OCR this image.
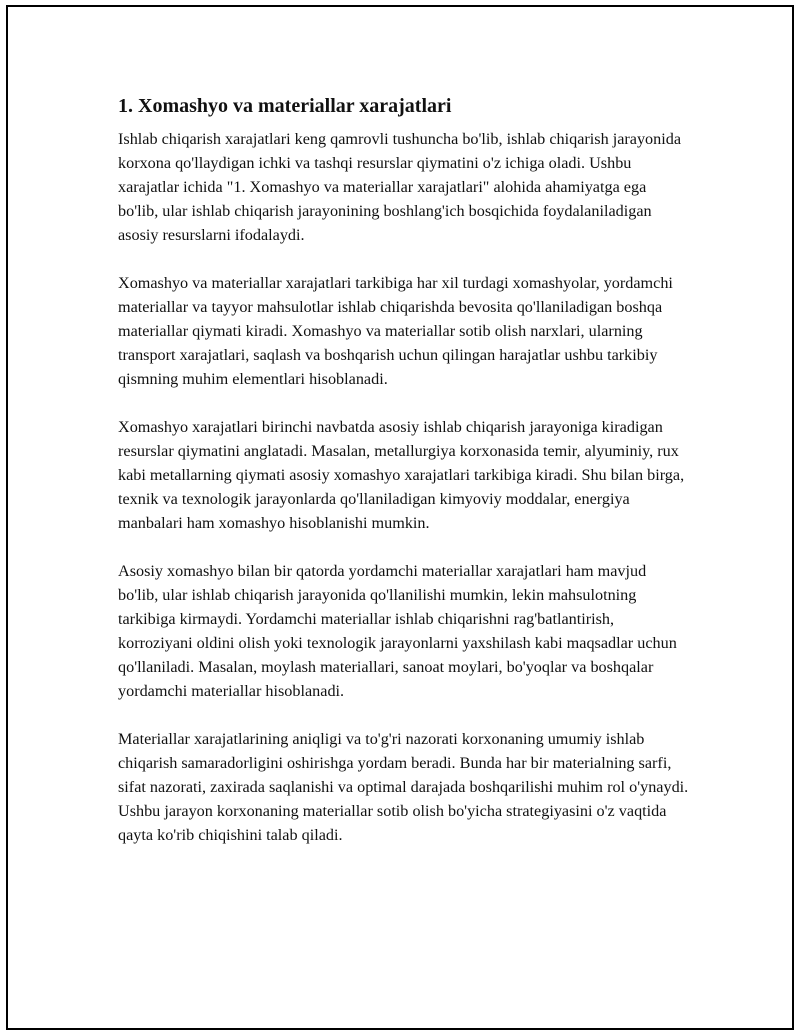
1. Xomashyo va materiallar xarajatlari

Ishlab chiqarish xarajatlari keng qamrovli tushuncha bo'lib, ishlab chiqarish jarayonida korxona qo'llaydigan ichki va tashqi resurslar qiymatini o'z ichiga oladi. Ushbu xarajatlar ichida "1. Xomashyo va materiallar xarajatlari" alohida ahamiyatga ega bo'lib, ular ishlab chiqarish jarayonining boshlang'ich bosqichida foydalaniladigan asosiy resurslarni ifodalaydi.

Xomashyo va materiallar xarajatlari tarkibiga har xil turdagi xomashyolar, yordamchi materiallar va tayyor mahsulotlar ishlab chiqarishda bevosita qo'llaniladigan boshqa materiallar qiymati kiradi. Xomashyo va materiallar sotib olish narxlari, ularning transport xarajatlari, saqlash va boshqarish uchun qilingan harajatlar ushbu tarkibiy qismning muhim elementlari hisoblanadi.

Xomashyo xarajatlari birinchi navbatda asosiy ishlab chiqarish jarayoniga kiradigan resurslar qiymatini anglatadi. Masalan, metallurgiya korxonasida temir, alyuminiy, rux kabi metallarning qiymati asosiy xomashyo xarajatlari tarkibiga kiradi. Shu bilan birga, texnik va texnologik jarayonlarda qo'llaniladigan kimyoviy moddalar, energiya manbalari ham xomashyo hisoblanishi mumkin.

Asosiy xomashyo bilan bir qatorda yordamchi materiallar xarajatlari ham mavjud bo'lib, ular ishlab chiqarish jarayonida qo'llanilishi mumkin, lekin mahsulotning tarkibiga kirmaydi. Yordamchi materiallar ishlab chiqarishni rag'batlantirish, korroziyani oldini olish yoki texnologik jarayonlarni yaxshilash kabi maqsadlar uchun qo'llaniladi. Masalan, moylash materiallari, sanoat moylari, bo'yoqlar va boshqalar yordamchi materiallar hisoblanadi.

Materiallar xarajatlarining aniqligi va to'g'ri nazorati korxonaning umumiy ishlab chiqarish samaradorligini oshirishga yordam beradi. Bunda har bir materialning sarfi, sifat nazorati, zaxirada saqlanishi va optimal darajada boshqarilishi muhim rol o'ynaydi. Ushbu jarayon korxonaning materiallar sotib olish bo'yicha strategiyasini o'z vaqtida qayta ko'rib chiqishini talab qiladi.
